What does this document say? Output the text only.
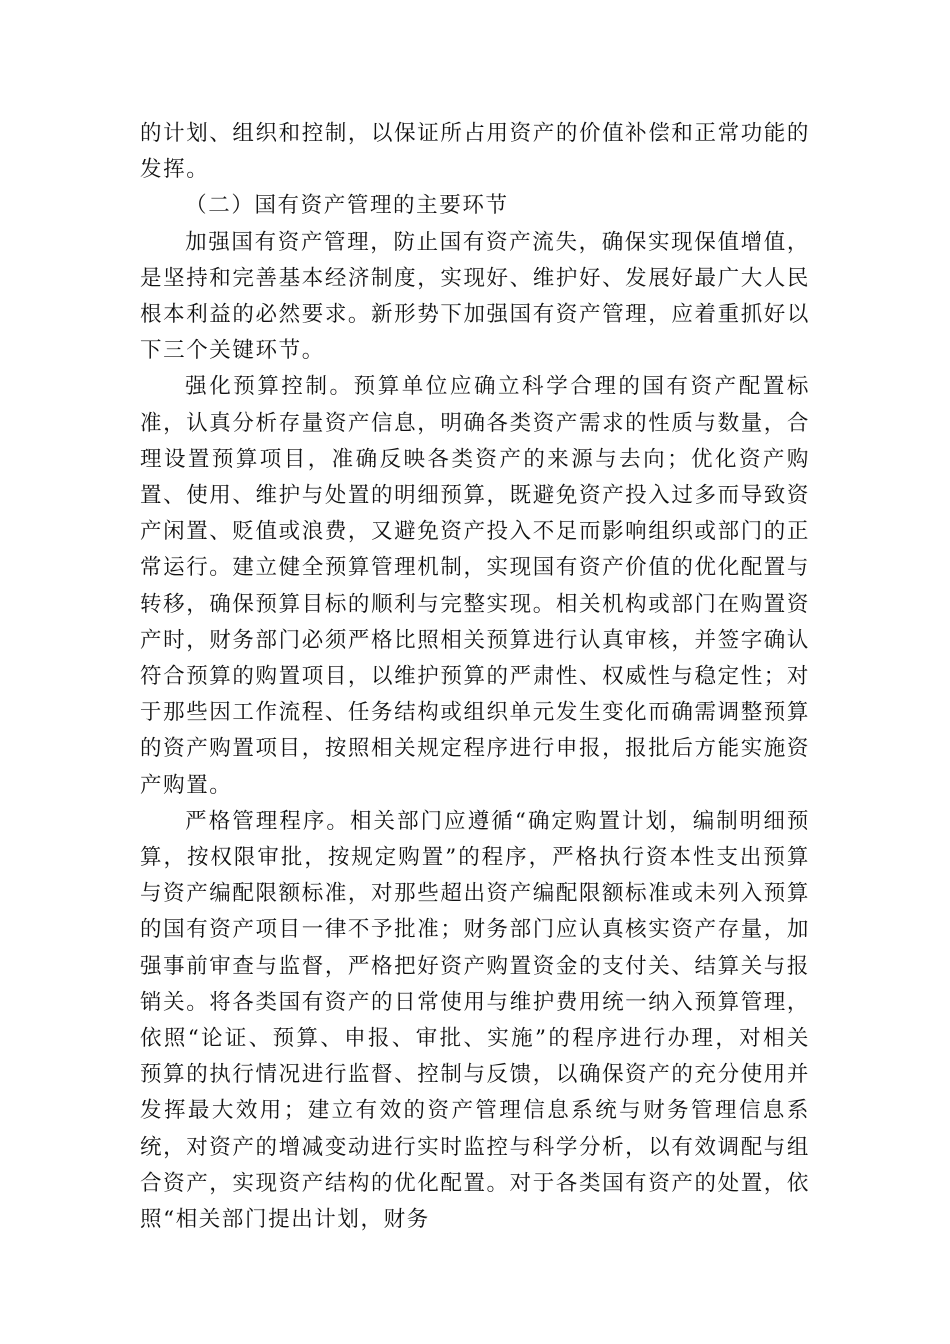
的计划、组织和控制，以保证所占用资产的价值补偿和正常功能的发挥。

（二）国有资产管理的主要环节

加强国有资产管理，防止国有资产流失，确保实现保值增值，是坚持和完善基本经济制度，实现好、维护好、发展好最广大人民根本利益的必然要求。新形势下加强国有资产管理，应着重抓好以下三个关键环节。

强化预算控制。预算单位应确立科学合理的国有资产配置标准，认真分析存量资产信息，明确各类资产需求的性质与数量，合理设置预算项目，准确反映各类资产的来源与去向；优化资产购置、使用、维护与处置的明细预算，既避免资产投入过多而导致资产闲置、贬值或浪费，又避免资产投入不足而影响组织或部门的正常运行。建立健全预算管理机制，实现国有资产价值的优化配置与转移，确保预算目标的顺利与完整实现。相关机构或部门在购置资产时，财务部门必须严格比照相关预算进行认真审核，并签字确认符合预算的购置项目，以维护预算的严肃性、权威性与稳定性；对于那些因工作流程、任务结构或组织单元发生变化而确需调整预算的资产购置项目，按照相关规定程序进行申报，报批后方能实施资产购置。

严格管理程序。相关部门应遵循“确定购置计划，编制明细预算，按权限审批，按规定购置”的程序，严格执行资本性支出预算与资产编配限额标准，对那些超出资产编配限额标准或未列入预算的国有资产项目一律不予批准；财务部门应认真核实资产存量，加强事前审查与监督，严格把好资产购置资金的支付关、结算关与报销关。将各类国有资产的日常使用与维护费用统一纳入预算管理，依照“论证、预算、申报、审批、实施”的程序进行办理，对相关预算的执行情况进行监督、控制与反馈，以确保资产的充分使用并发挥最大效用；建立有效的资产管理信息系统与财务管理信息系统，对资产的增减变动进行实时监控与科学分析，以有效调配与组合资产，实现资产结构的优化配置。对于各类国有资产的处置，依照“相关部门提出计划，财务
